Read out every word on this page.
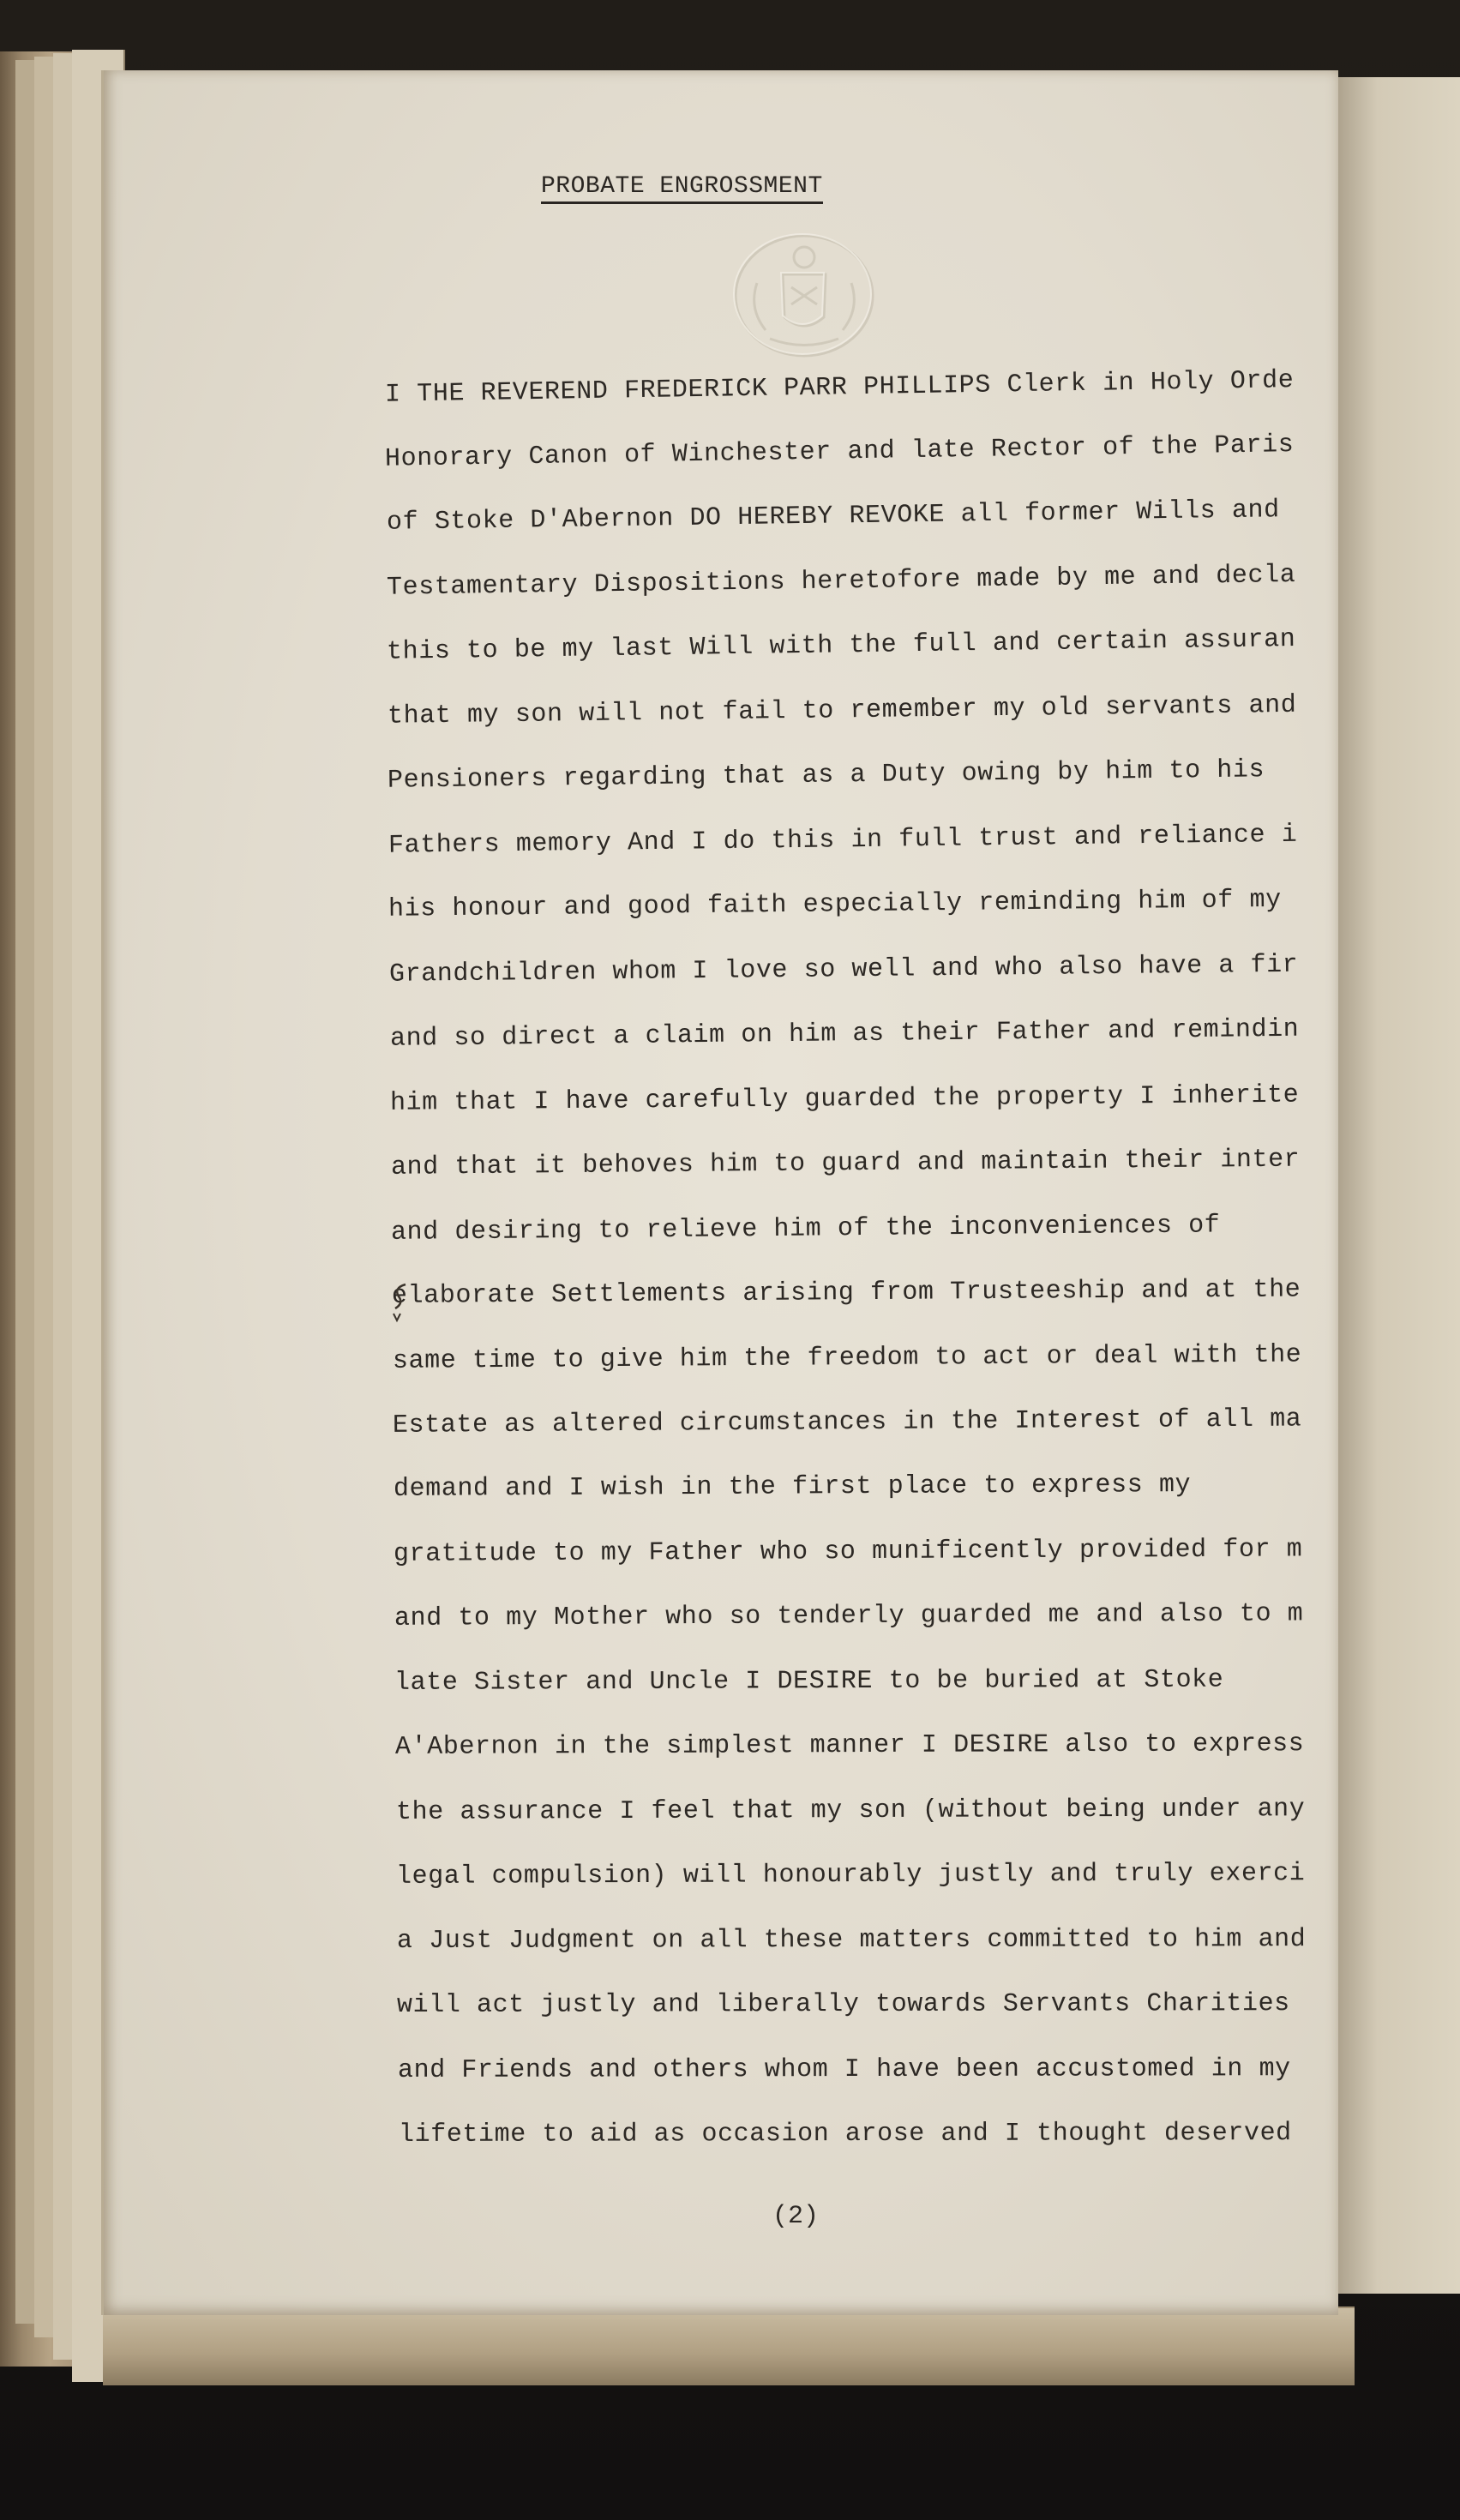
PROBATE ENGROSSMENT
I THE REVEREND FREDERICK PARR PHILLIPS Clerk in Holy Orde
Honorary Canon of Winchester and late Rector of the Paris
of Stoke D'Abernon DO HEREBY REVOKE all former Wills and
Testamentary Dispositions heretofore made by me and decla
this to be my last Will with the full and certain assuran
that my son will not fail to remember my old servants and
Pensioners regarding that as a Duty owing by him to his
Fathers memory And I do this in full trust and reliance i
his honour and good faith especially reminding him of my
Grandchildren whom I love so well and who also have a fir
and so direct a claim on him as their Father and remindin
him that I have carefully guarded the property I inherite
and that it behoves him to guard and maintain their inter
and desiring to relieve him of the inconveniences of
elaborate Settlements arising from Trusteeship and at the
same time to give him the freedom to act or deal with the
Estate as altered circumstances in the Interest of all ma
demand and I wish in the first place to express my
gratitude to my Father who so munificently provided for m
and to my Mother who so tenderly guarded me and also to m
late Sister and Uncle I DESIRE to be buried at Stoke
A'Abernon in the simplest manner I DESIRE also to express
the assurance I feel that my son (without being under any
legal compulsion) will honourably justly and truly exerci
a Just Judgment on all these matters committed to him and
will act justly and liberally towards Servants Charities
and Friends and others whom I have been accustomed in my
lifetime to aid as occasion arose and I thought deserved
(2)
